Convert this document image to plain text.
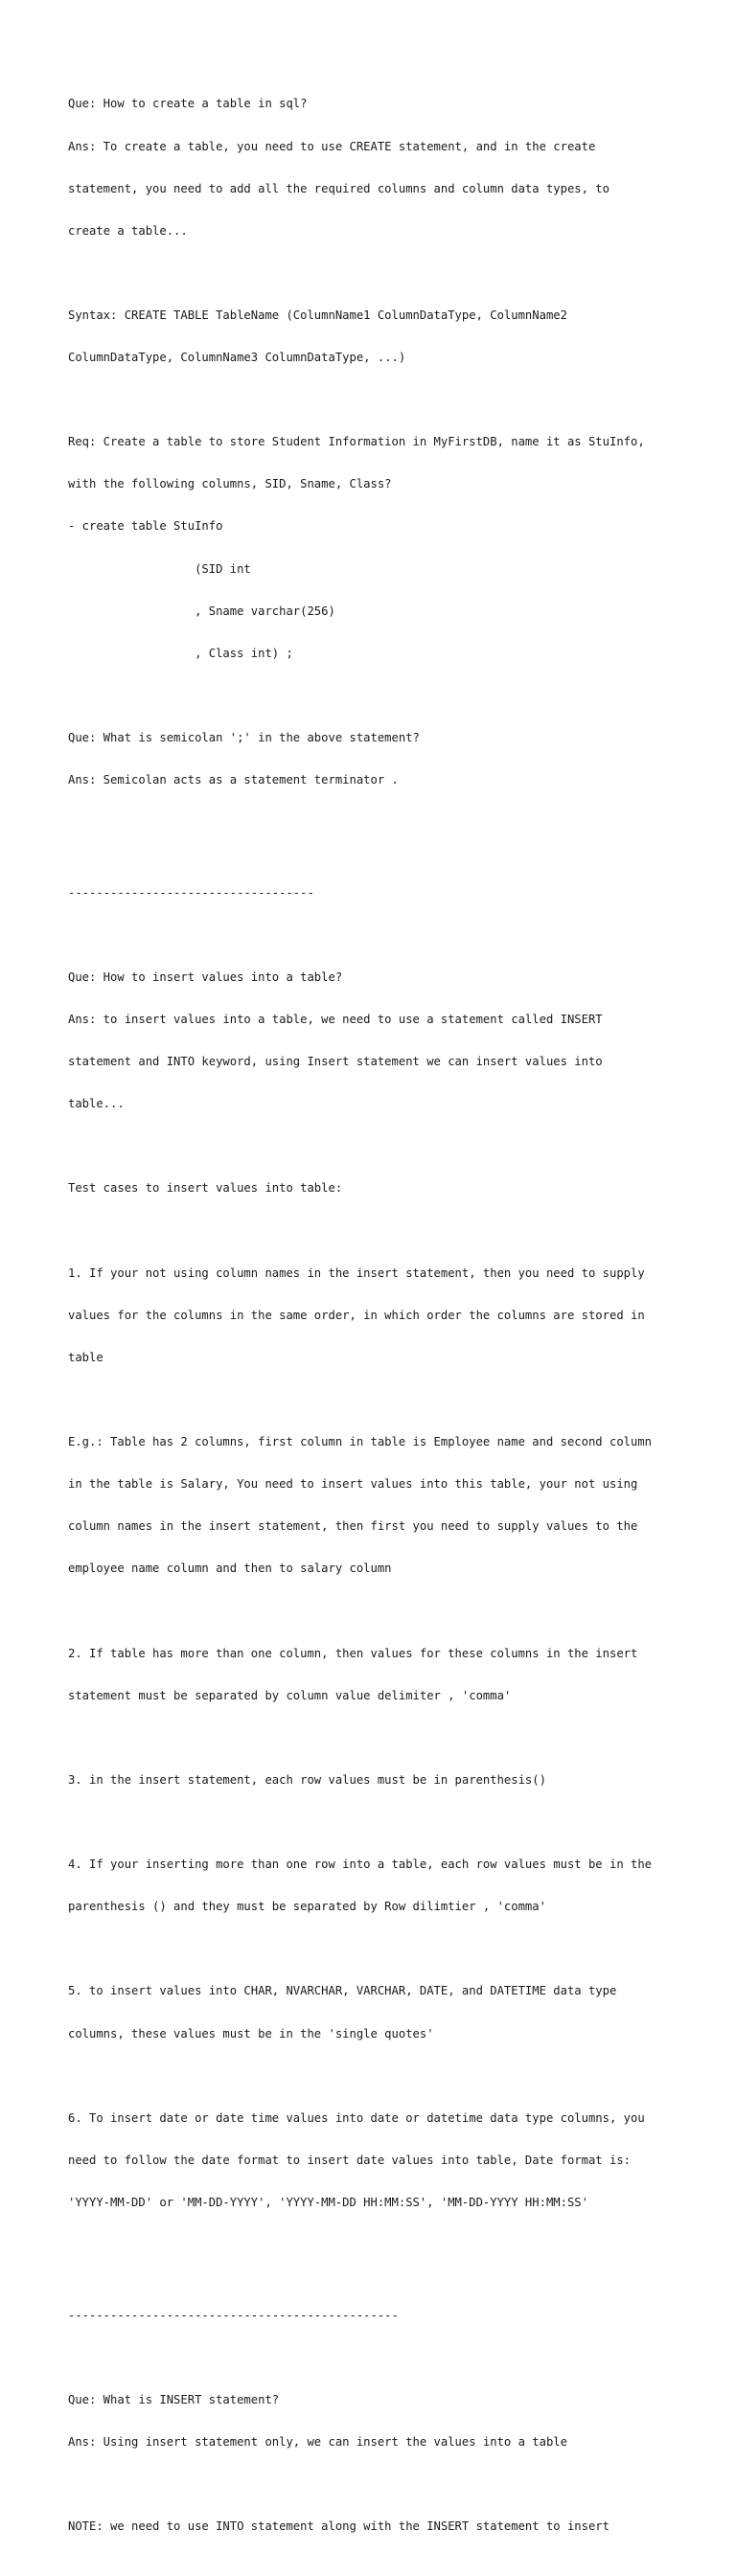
Que: How to create a table in sql?

Ans: To create a table, you need to use CREATE statement, and in the create

statement, you need to add all the required columns and column data types, to

create a table...

Syntax: CREATE TABLE TableName (ColumnName1 ColumnDataType, ColumnName2

ColumnDataType, ColumnName3 ColumnDataType, ...)

Req: Create a table to store Student Information in MyFirstDB, name it as StuInfo,

with the following columns, SID, Sname, Class?

- create table StuInfo

(SID int

, Sname varchar(256)

, Class int) ;

Que: What is semicolan ';' in the above statement?

Ans: Semicolan acts as a statement terminator .

-----------------------------------

Que: How to insert values into a table?

Ans: to insert values into a table, we need to use a statement called INSERT

statement and INTO keyword, using Insert statement we can insert values into

table...

Test cases to insert values into table:

1. If your not using column names in the insert statement, then you need to supply

values for the columns in the same order, in which order the columns are stored in

table

E.g.: Table has 2 columns, first column in table is Employee name and second column

in the table is Salary, You need to insert values into this table, your not using

column names in the insert statement, then first you need to supply values to the

employee name column and then to salary column

2. If table has more than one column, then values for these columns in the insert

statement must be separated by column value delimiter , 'comma'

3. in the insert statement, each row values must be in parenthesis()

4. If your inserting more than one row into a table, each row values must be in the

parenthesis () and they must be separated by Row dilimtier , 'comma'

5. to insert values into CHAR, NVARCHAR, VARCHAR, DATE, and DATETIME data type

columns, these values must be in the 'single quotes'

6. To insert date or date time values into date or datetime data type columns, you

need to follow the date format to insert date values into table, Date format is:

'YYYY-MM-DD' or 'MM-DD-YYYY', 'YYYY-MM-DD HH:MM:SS', 'MM-DD-YYYY HH:MM:SS'

-----------------------------------------------

Que: What is INSERT statement?

Ans: Using insert statement only, we can insert the values into a table

NOTE: we need to use INTO statement along with the INSERT statement to insert
